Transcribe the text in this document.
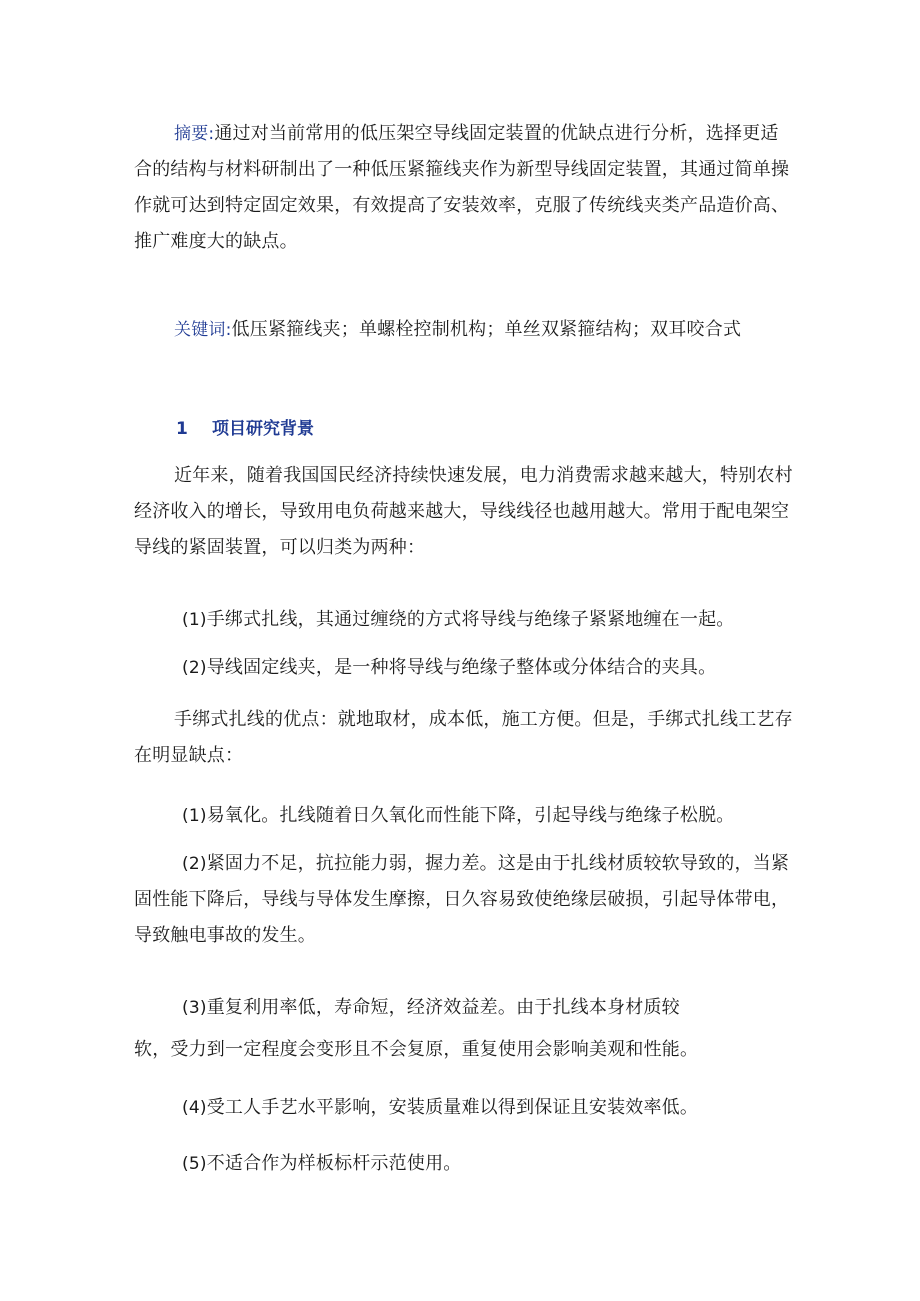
摘要:通过对当前常用的低压架空导线固定装置的优缺点进行分析，选择更适合的结构与材料研制出了一种低压紧箍线夹作为新型导线固定装置，其通过简单操作就可达到特定固定效果，有效提高了安装效率，克服了传统线夹类产品造价高、推广难度大的缺点。

关键词:低压紧箍线夹；单螺栓控制机构；单丝双紧箍结构；双耳咬合式

1 项目研究背景

近年来，随着我国国民经济持续快速发展，电力消费需求越来越大，特别农村经济收入的增长，导致用电负荷越来越大，导线线径也越用越大。常用于配电架空导线的紧固装置，可以归类为两种：

(1)手绑式扎线，其通过缠绕的方式将导线与绝缘子紧紧地缠在一起。

(2)导线固定线夹，是一种将导线与绝缘子整体或分体结合的夹具。

手绑式扎线的优点：就地取材，成本低，施工方便。但是，手绑式扎线工艺存在明显缺点：

(1)易氧化。扎线随着日久氧化而性能下降，引起导线与绝缘子松脱。

(2)紧固力不足，抗拉能力弱，握力差。这是由于扎线材质较软导致的，当紧固性能下降后，导线与导体发生摩擦，日久容易致使绝缘层破损，引起导体带电，导致触电事故的发生。

(3)重复利用率低，寿命短，经济效益差。由于扎线本身材质较

软，受力到一定程度会变形且不会复原，重复使用会影响美观和性能。

(4)受工人手艺水平影响，安装质量难以得到保证且安装效率低。

(5)不适合作为样板标杆示范使用。
